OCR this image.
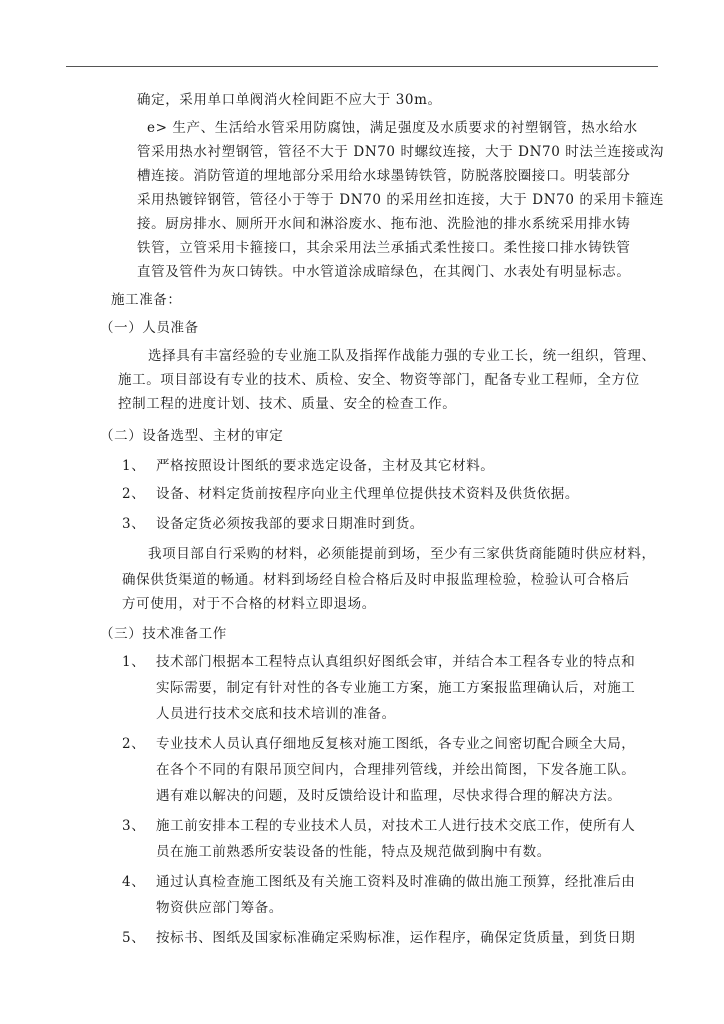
确定，采用单口单阀消火栓间距不应大于 30m。
e> 生产、生活给水管采用防腐蚀，满足强度及水质要求的衬塑钢管，热水给水
管采用热水衬塑钢管，管径不大于 DN70 时螺纹连接，大于 DN70 时法兰连接或沟
槽连接。消防管道的埋地部分采用给水球墨铸铁管，防脱落胶圈接口。明装部分
采用热镀锌钢管，管径小于等于 DN70 的采用丝扣连接，大于 DN70 的采用卡箍连
接。厨房排水、厕所开水间和淋浴废水、拖布池、洗脸池的排水系统采用排水铸
铁管，立管采用卡箍接口，其余采用法兰承插式柔性接口。柔性接口排水铸铁管
直管及管件为灰口铸铁。中水管道涂成暗绿色，在其阀门、水表处有明显标志。
施工准备：
（一）人员准备
选择具有丰富经验的专业施工队及指挥作战能力强的专业工长，统一组织，管理、
施工。项目部设有专业的技术、质检、安全、物资等部门，配备专业工程师，全方位
控制工程的进度计划、技术、质量、安全的检查工作。
（二）设备选型、主材的审定
1、 严格按照设计图纸的要求选定设备，主材及其它材料。
2、 设备、材料定货前按程序向业主代理单位提供技术资料及供货依据。
3、 设备定货必须按我部的要求日期准时到货。
我项目部自行采购的材料，必须能提前到场，至少有三家供货商能随时供应材料，
确保供货渠道的畅通。材料到场经自检合格后及时申报监理检验，检验认可合格后
方可使用，对于不合格的材料立即退场。
（三）技术准备工作
1、 技术部门根据本工程特点认真组织好图纸会审，并结合本工程各专业的特点和
实际需要，制定有针对性的各专业施工方案，施工方案报监理确认后，对施工
人员进行技术交底和技术培训的准备。
2、 专业技术人员认真仔细地反复核对施工图纸，各专业之间密切配合顾全大局，
在各个不同的有限吊顶空间内，合理排列管线，并绘出简图，下发各施工队。
遇有难以解决的问题，及时反馈给设计和监理，尽快求得合理的解决方法。
3、 施工前安排本工程的专业技术人员，对技术工人进行技术交底工作，使所有人
员在施工前熟悉所安装设备的性能，特点及规范做到胸中有数。
4、 通过认真检查施工图纸及有关施工资料及时准确的做出施工预算，经批准后由
物资供应部门筹备。
5、 按标书、图纸及国家标准确定采购标准，运作程序，确保定货质量，到货日期
